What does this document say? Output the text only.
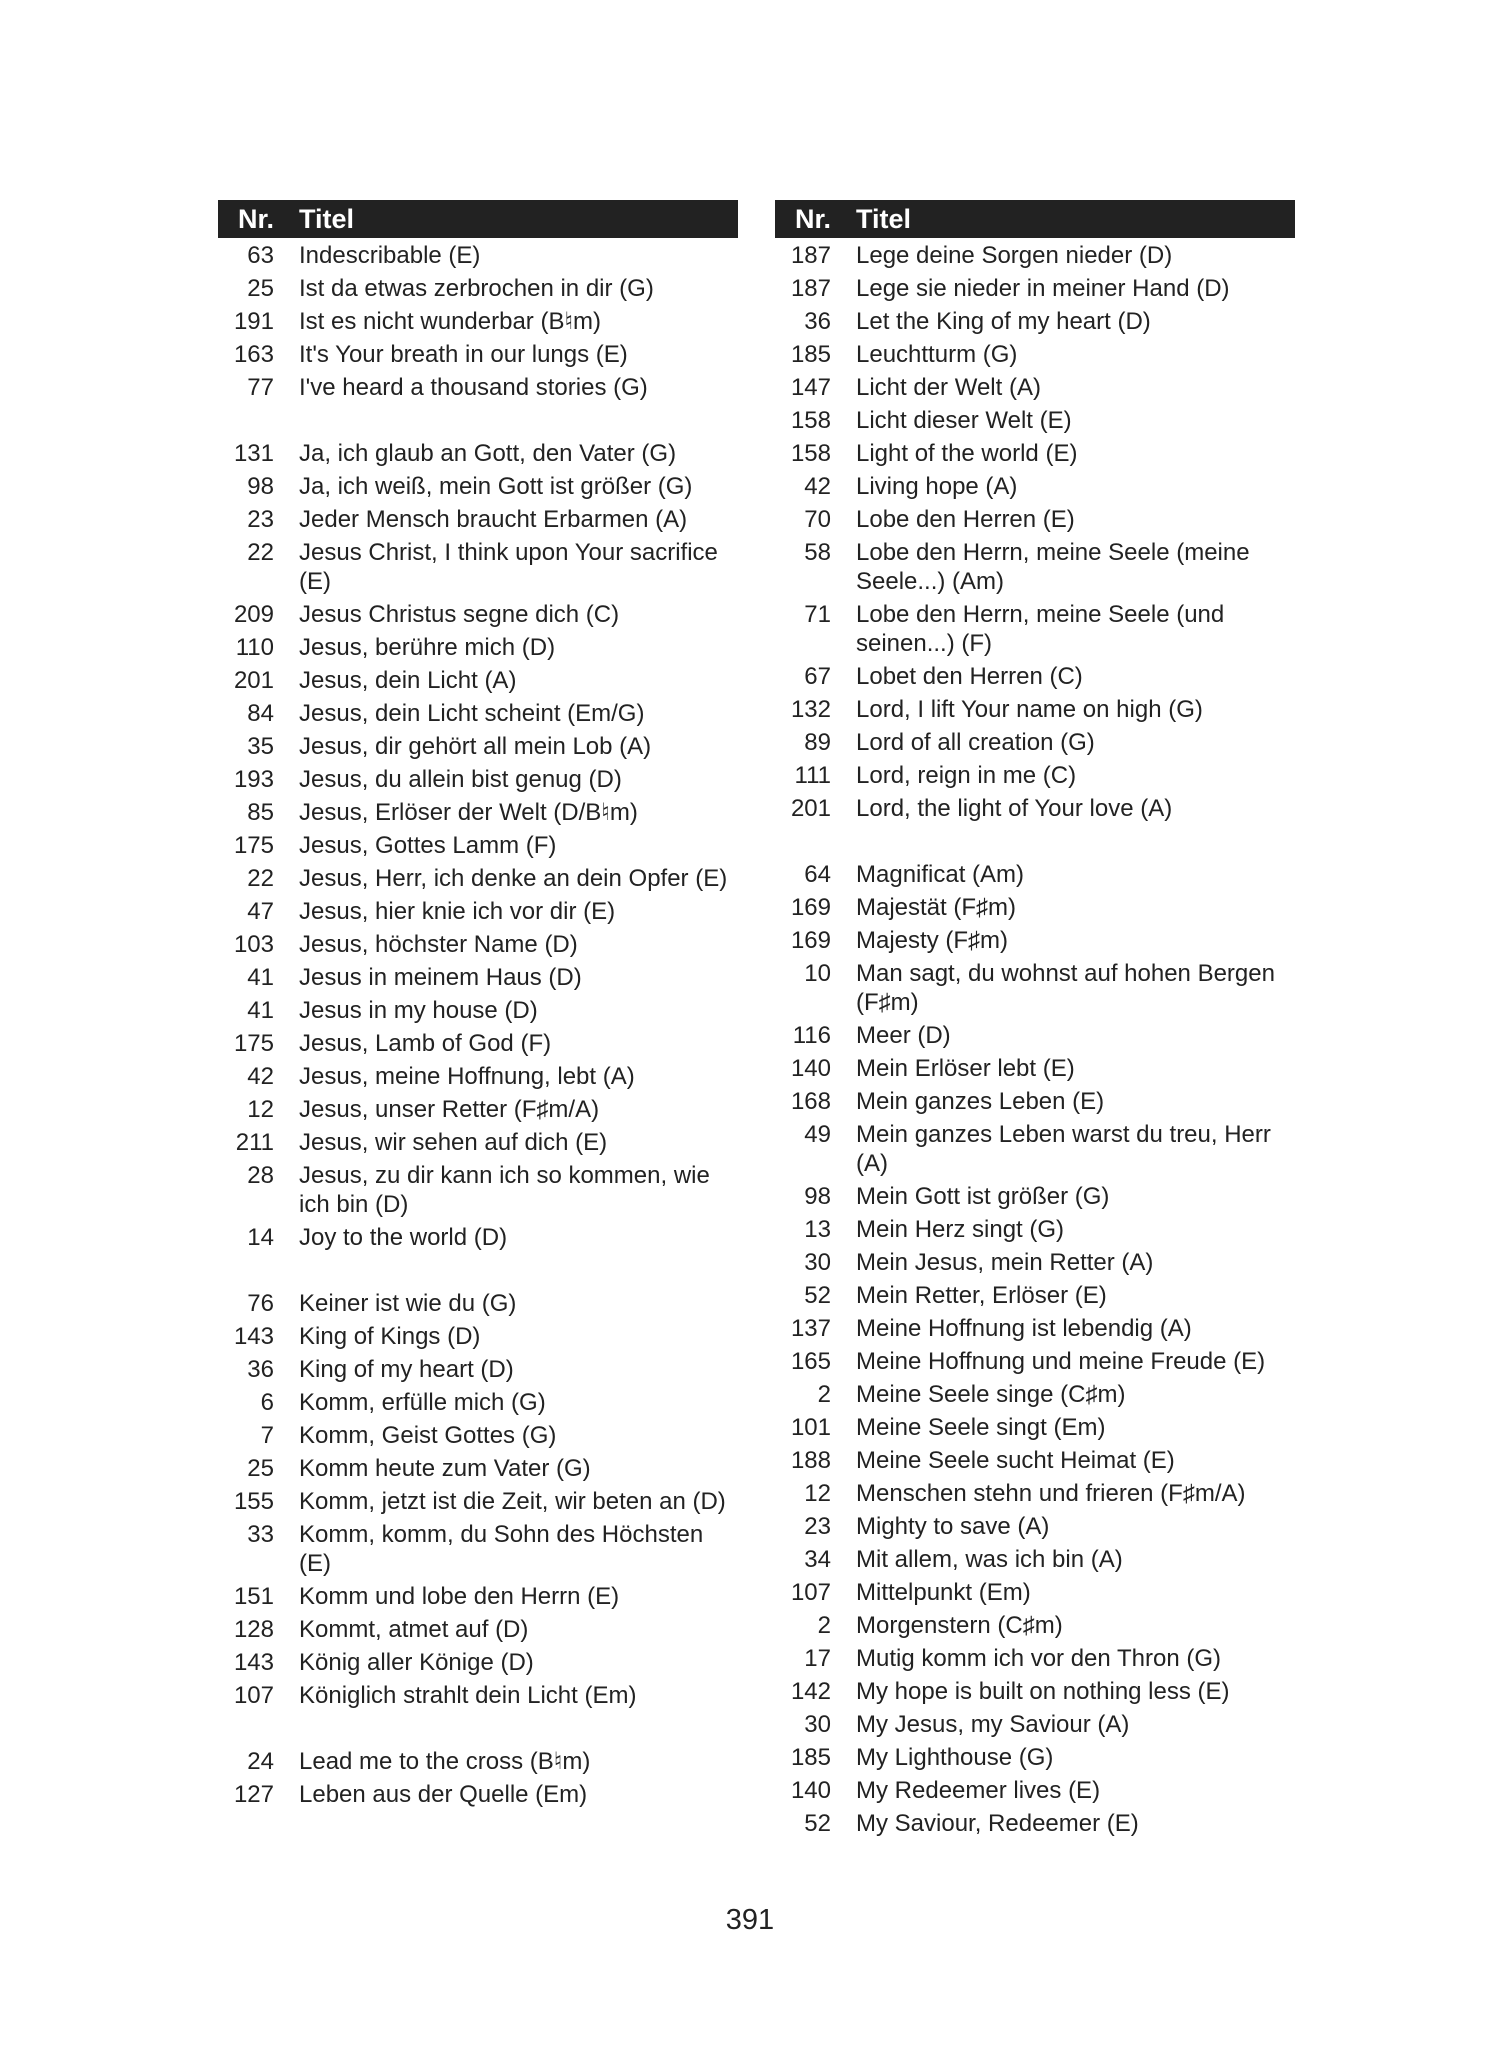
Nr. Titel
63 Indescribable (E)
25 Ist da etwas zerbrochen in dir (G)
191 Ist es nicht wunderbar (B♮m)
163 It's Your breath in our lungs (E)
77 I've heard a thousand stories (G)
131 Ja, ich glaub an Gott, den Vater (G)
98 Ja, ich weiß, mein Gott ist größer (G)
23 Jeder Mensch braucht Erbarmen (A)
22 Jesus Christ, I think upon Your sacrifice (E)
209 Jesus Christus segne dich (C)
110 Jesus, berühre mich (D)
201 Jesus, dein Licht (A)
84 Jesus, dein Licht scheint (Em/G)
35 Jesus, dir gehört all mein Lob (A)
193 Jesus, du allein bist genug (D)
85 Jesus, Erlöser der Welt (D/B♮m)
175 Jesus, Gottes Lamm (F)
22 Jesus, Herr, ich denke an dein Opfer (E)
47 Jesus, hier knie ich vor dir (E)
103 Jesus, höchster Name (D)
41 Jesus in meinem Haus (D)
41 Jesus in my house (D)
175 Jesus, Lamb of God (F)
42 Jesus, meine Hoffnung, lebt (A)
12 Jesus, unser Retter (F♯m/A)
211 Jesus, wir sehen auf dich (E)
28 Jesus, zu dir kann ich so kommen, wie ich bin (D)
14 Joy to the world (D)
76 Keiner ist wie du (G)
143 King of Kings (D)
36 King of my heart (D)
6 Komm, erfülle mich (G)
7 Komm, Geist Gottes (G)
25 Komm heute zum Vater (G)
155 Komm, jetzt ist die Zeit, wir beten an (D)
33 Komm, komm, du Sohn des Höchsten (E)
151 Komm und lobe den Herrn (E)
128 Kommt, atmet auf (D)
143 König aller Könige (D)
107 Königlich strahlt dein Licht (Em)
24 Lead me to the cross (B♮m)
127 Leben aus der Quelle (Em)
Nr. Titel
187 Lege deine Sorgen nieder (D)
187 Lege sie nieder in meiner Hand (D)
36 Let the King of my heart (D)
185 Leuchtturm (G)
147 Licht der Welt (A)
158 Licht dieser Welt (E)
158 Light of the world (E)
42 Living hope (A)
70 Lobe den Herren (E)
58 Lobe den Herrn, meine Seele (meine Seele...) (Am)
71 Lobe den Herrn, meine Seele (und seinen...) (F)
67 Lobet den Herren (C)
132 Lord, I lift Your name on high (G)
89 Lord of all creation (G)
111 Lord, reign in me (C)
201 Lord, the light of Your love (A)
64 Magnificat (Am)
169 Majestät (F♯m)
169 Majesty (F♯m)
10 Man sagt, du wohnst auf hohen Bergen (F♯m)
116 Meer (D)
140 Mein Erlöser lebt (E)
168 Mein ganzes Leben (E)
49 Mein ganzes Leben warst du treu, Herr (A)
98 Mein Gott ist größer (G)
13 Mein Herz singt (G)
30 Mein Jesus, mein Retter (A)
52 Mein Retter, Erlöser (E)
137 Meine Hoffnung ist lebendig (A)
165 Meine Hoffnung und meine Freude (E)
2 Meine Seele singe (C♯m)
101 Meine Seele singt (Em)
188 Meine Seele sucht Heimat (E)
12 Menschen stehn und frieren (F♯m/A)
23 Mighty to save (A)
34 Mit allem, was ich bin (A)
107 Mittelpunkt (Em)
2 Morgenstern (C♯m)
17 Mutig komm ich vor den Thron (G)
142 My hope is built on nothing less (E)
30 My Jesus, my Saviour (A)
185 My Lighthouse (G)
140 My Redeemer lives (E)
52 My Saviour, Redeemer (E)
391
